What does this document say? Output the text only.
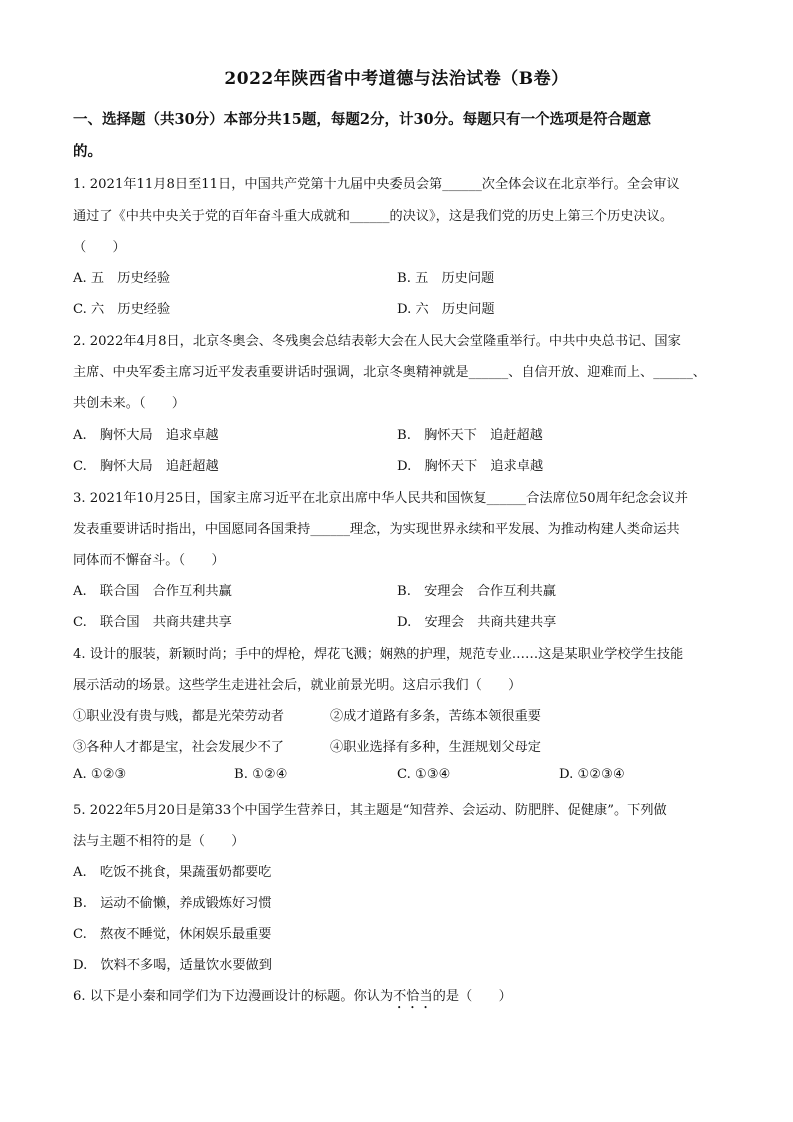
2022年陕西省中考道德与法治试卷（B卷）
一、选择题（共30分）本部分共15题，每题2分，计30分。每题只有一个选项是符合题意
的。
1. 2021年11月8日至11日，中国共产党第十九届中央委员会第______次全体会议在北京举行。全会审议
通过了《中共中央关于党的百年奋斗重大成就和______的决议》，这是我们党的历史上第三个历史决议。
（　　）
A. 五　历史经验	B. 五　历史问题
C. 六　历史经验	D. 六　历史问题
2. 2022年4月8日，北京冬奥会、冬残奥会总结表彰大会在人民大会堂隆重举行。中共中央总书记、国家
主席、中央军委主席习近平发表重要讲话时强调，北京冬奥精神就是______、自信开放、迎难而上、______、
共创未来。（　　）
A.　胸怀大局　追求卓越	B.　胸怀天下　追赶超越
C.　胸怀大局　追赶超越	D.　胸怀天下　追求卓越
3. 2021年10月25日，国家主席习近平在北京出席中华人民共和国恢复______合法席位50周年纪念会议并
发表重要讲话时指出，中国愿同各国秉持______理念，为实现世界永续和平发展、为推动构建人类命运共
同体而不懈奋斗。（　　）
A.　联合国　合作互利共赢	B.　安理会　合作互利共赢
C.　联合国　共商共建共享	D.　安理会　共商共建共享
4. 设计的服装，新颖时尚；手中的焊枪，焊花飞溅；娴熟的护理，规范专业……这是某职业学校学生技能
展示活动的场景。这些学生走进社会后，就业前景光明。这启示我们（　　）
①职业没有贵与贱，都是光荣劳动者	②成才道路有多条，苦练本领很重要
③各种人才都是宝，社会发展少不了	④职业选择有多种，生涯规划父母定
A. ①②③	B. ①②④	C. ①③④	D. ①②③④
5. 2022年5月20日是第33个中国学生营养日，其主题是“知营养、会运动、防肥胖、促健康”。下列做
法与主题不相符的是（　　）
A.　吃饭不挑食，果蔬蛋奶都要吃
B.　运动不偷懒，养成锻炼好习惯
C.　熬夜不睡觉，休闲娱乐最重要
D.　饮料不多喝，适量饮水要做到
6. 以下是小秦和同学们为下边漫画设计的标题。你认为不恰当的是（　　）
